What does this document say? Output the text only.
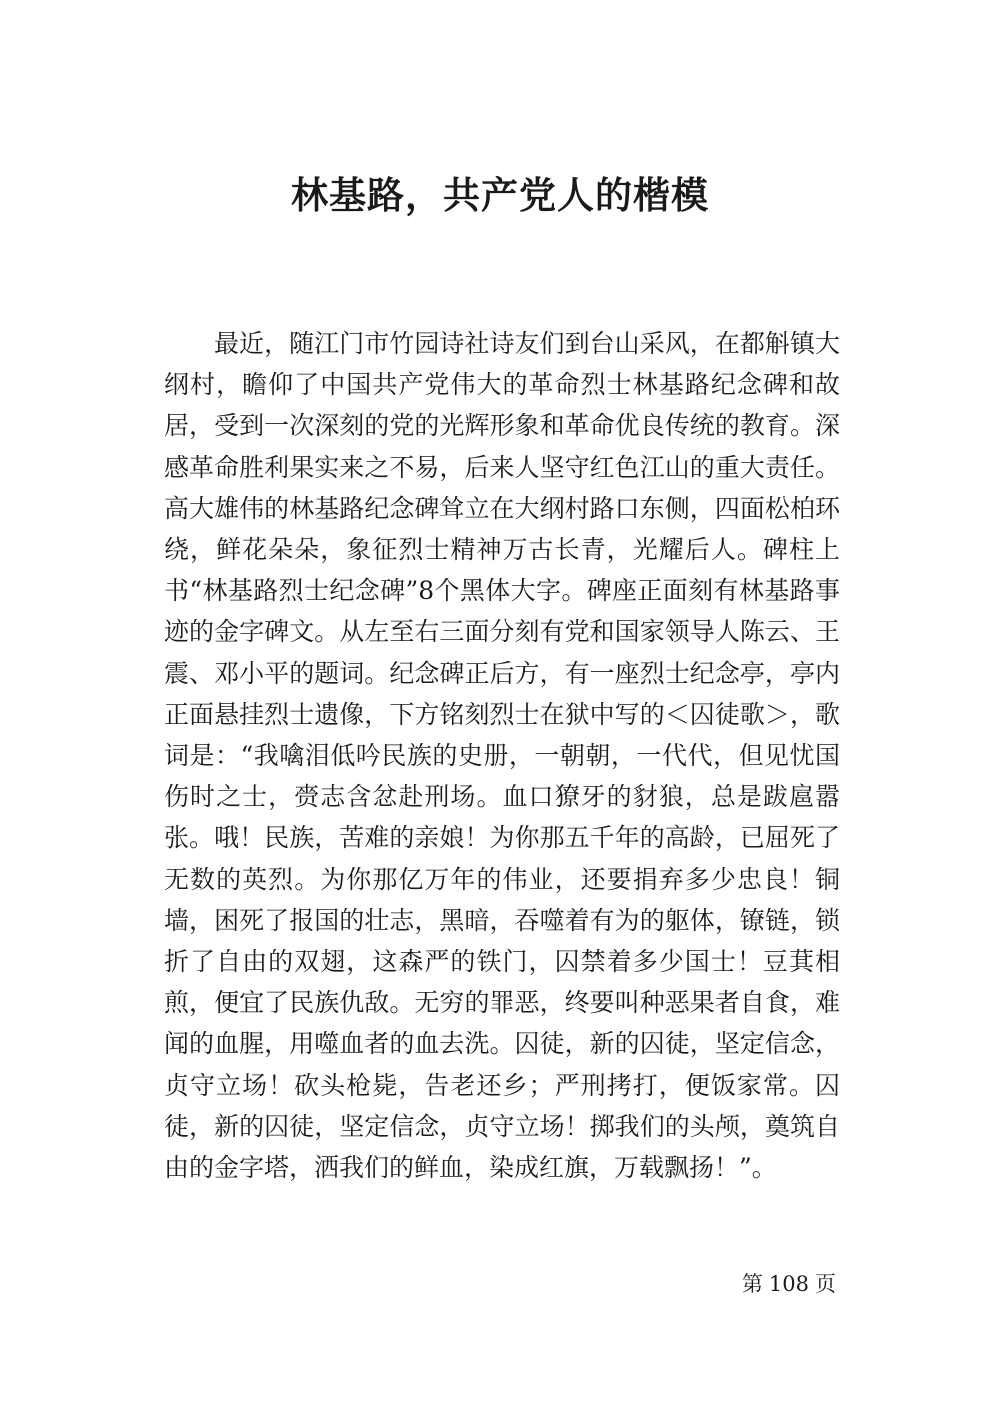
林基路，共产党人的楷模

最近，随江门市竹园诗社诗友们到台山采风，在都斛镇大纲村，瞻仰了中国共产党伟大的革命烈士林基路纪念碑和故居，受到一次深刻的党的光辉形象和革命优良传统的教育。深感革命胜利果实来之不易，后来人坚守红色江山的重大责任。高大雄伟的林基路纪念碑耸立在大纲村路口东侧，四面松柏环绕，鲜花朵朵，象征烈士精神万古长青，光耀后人。碑柱上书“林基路烈士纪念碑”8个黑体大字。碑座正面刻有林基路事迹的金字碑文。从左至右三面分刻有党和国家领导人陈云、王震、邓小平的题词。纪念碑正后方，有一座烈士纪念亭，亭内正面悬挂烈士遗像，下方铭刻烈士在狱中写的＜囚徒歌＞，歌词是：“我噙泪低吟民族的史册，一朝朝，一代代，但见忧国伤时之士，赍志含忿赴刑场。血口獠牙的豺狼，总是跋扈嚣张。哦！民族，苦难的亲娘！为你那五千年的高龄，已屈死了无数的英烈。为你那亿万年的伟业，还要捐弃多少忠良！铜墙，困死了报国的壮志，黑暗，吞噬着有为的躯体，镣链，锁折了自由的双翅，这森严的铁门，囚禁着多少国士！豆萁相煎，便宜了民族仇敌。无穷的罪恶，终要叫种恶果者自食，难闻的血腥，用噬血者的血去洗。囚徒，新的囚徒，坚定信念，贞守立场！砍头枪毙，告老还乡；严刑拷打，便饭家常。囚徒，新的囚徒，坚定信念，贞守立场！掷我们的头颅，奠筑自由的金字塔，洒我们的鲜血，染成红旗，万载飘扬！”。

第 108 页
